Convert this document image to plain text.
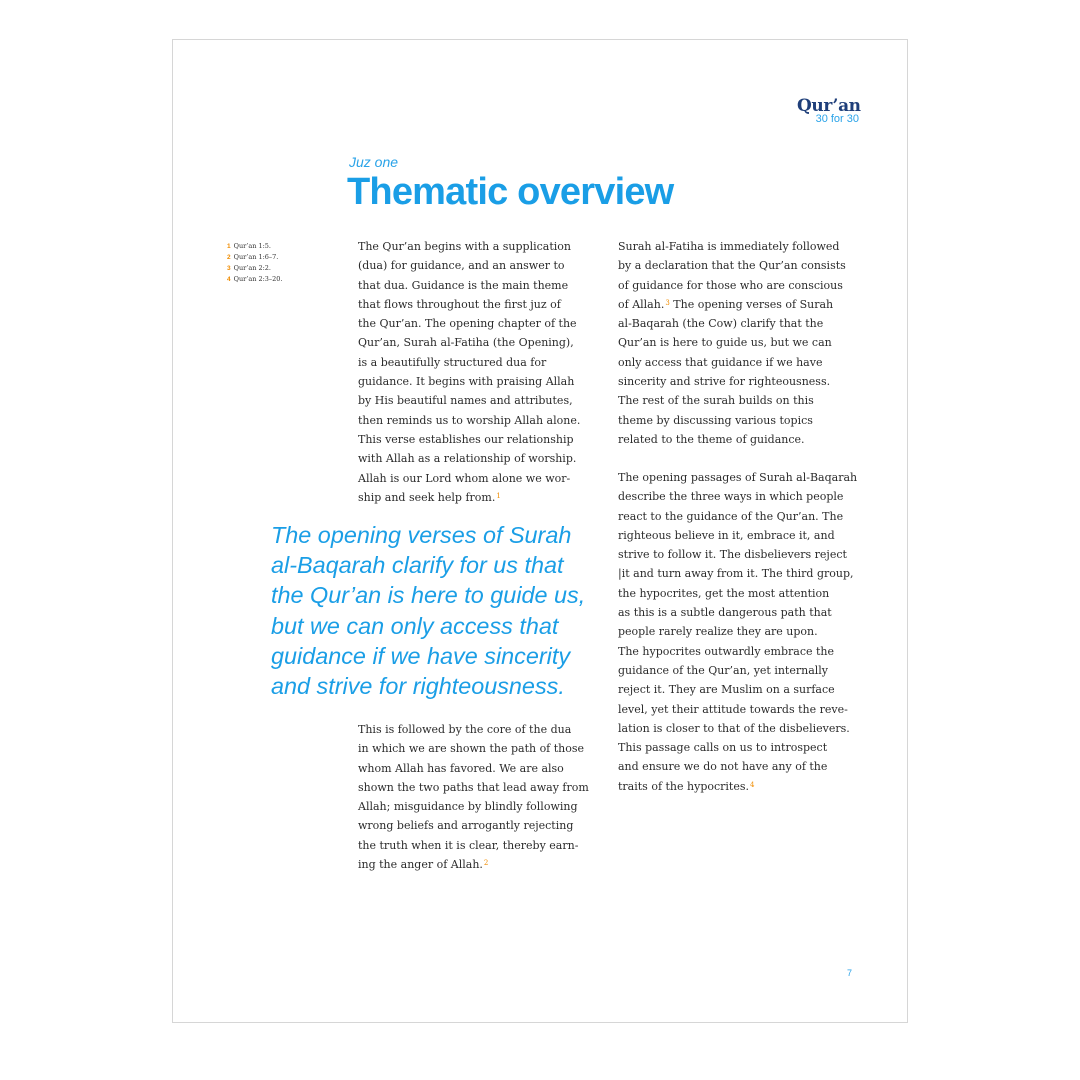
Qur’an
30 for 30
Juz one
Thematic overview
1 Qur’an 1:5.
2 Qur’an 1:6–7.
3 Qur’an 2:2.
4 Qur’an 2:3–20.

The Qur’an begins with a supplication

(dua) for guidance, and an answer to

that dua. Guidance is the main theme

that flows throughout the first juz of

the Qur’an. The opening chapter of the

Qur’an, Surah al-Fatiha (the Opening),

is a beautifully structured dua for

guidance. It begins with praising Allah

by His beautiful names and attributes,

then reminds us to worship Allah alone.

This verse establishes our relationship

with Allah as a relationship of worship.

Allah is our Lord whom alone we wor-

ship and seek help from.$^1$

The opening verses of Surah
al-Baqarah clarify for us that
the Qur’an is here to guide us,
but we can only access that
guidance if we have sincerity
and strive for righteousness.

This is followed by the core of the dua

in which we are shown the path of those

whom Allah has favored. We are also

shown the two paths that lead away from

Allah; misguidance by blindly following

wrong beliefs and arrogantly rejecting

the truth when it is clear, thereby earn-

ing the anger of Allah.$^2$

Surah al-Fatiha is immediately followed

by a declaration that the Qur’an consists

of guidance for those who are conscious

of Allah.$^3$ The opening verses of Surah

al-Baqarah (the Cow) clarify that the

Qur’an is here to guide us, but we can

only access that guidance if we have

sincerity and strive for righteousness.

The rest of the surah builds on this

theme by discussing various topics

related to the theme of guidance.

The opening passages of Surah al-Baqarah

describe the three ways in which people

react to the guidance of the Qur’an. The

righteous believe in it, embrace it, and

strive to follow it. The disbelievers reject

|it and turn away from it. The third group,

the hypocrites, get the most attention

as this is a subtle dangerous path that

people rarely realize they are upon.

The hypocrites outwardly embrace the

guidance of the Qur’an, yet internally

reject it. They are Muslim on a surface

level, yet their attitude towards the reve-

lation is closer to that of the disbelievers.

This passage calls on us to introspect

and ensure we do not have any of the

traits of the hypocrites.$^4$

7
